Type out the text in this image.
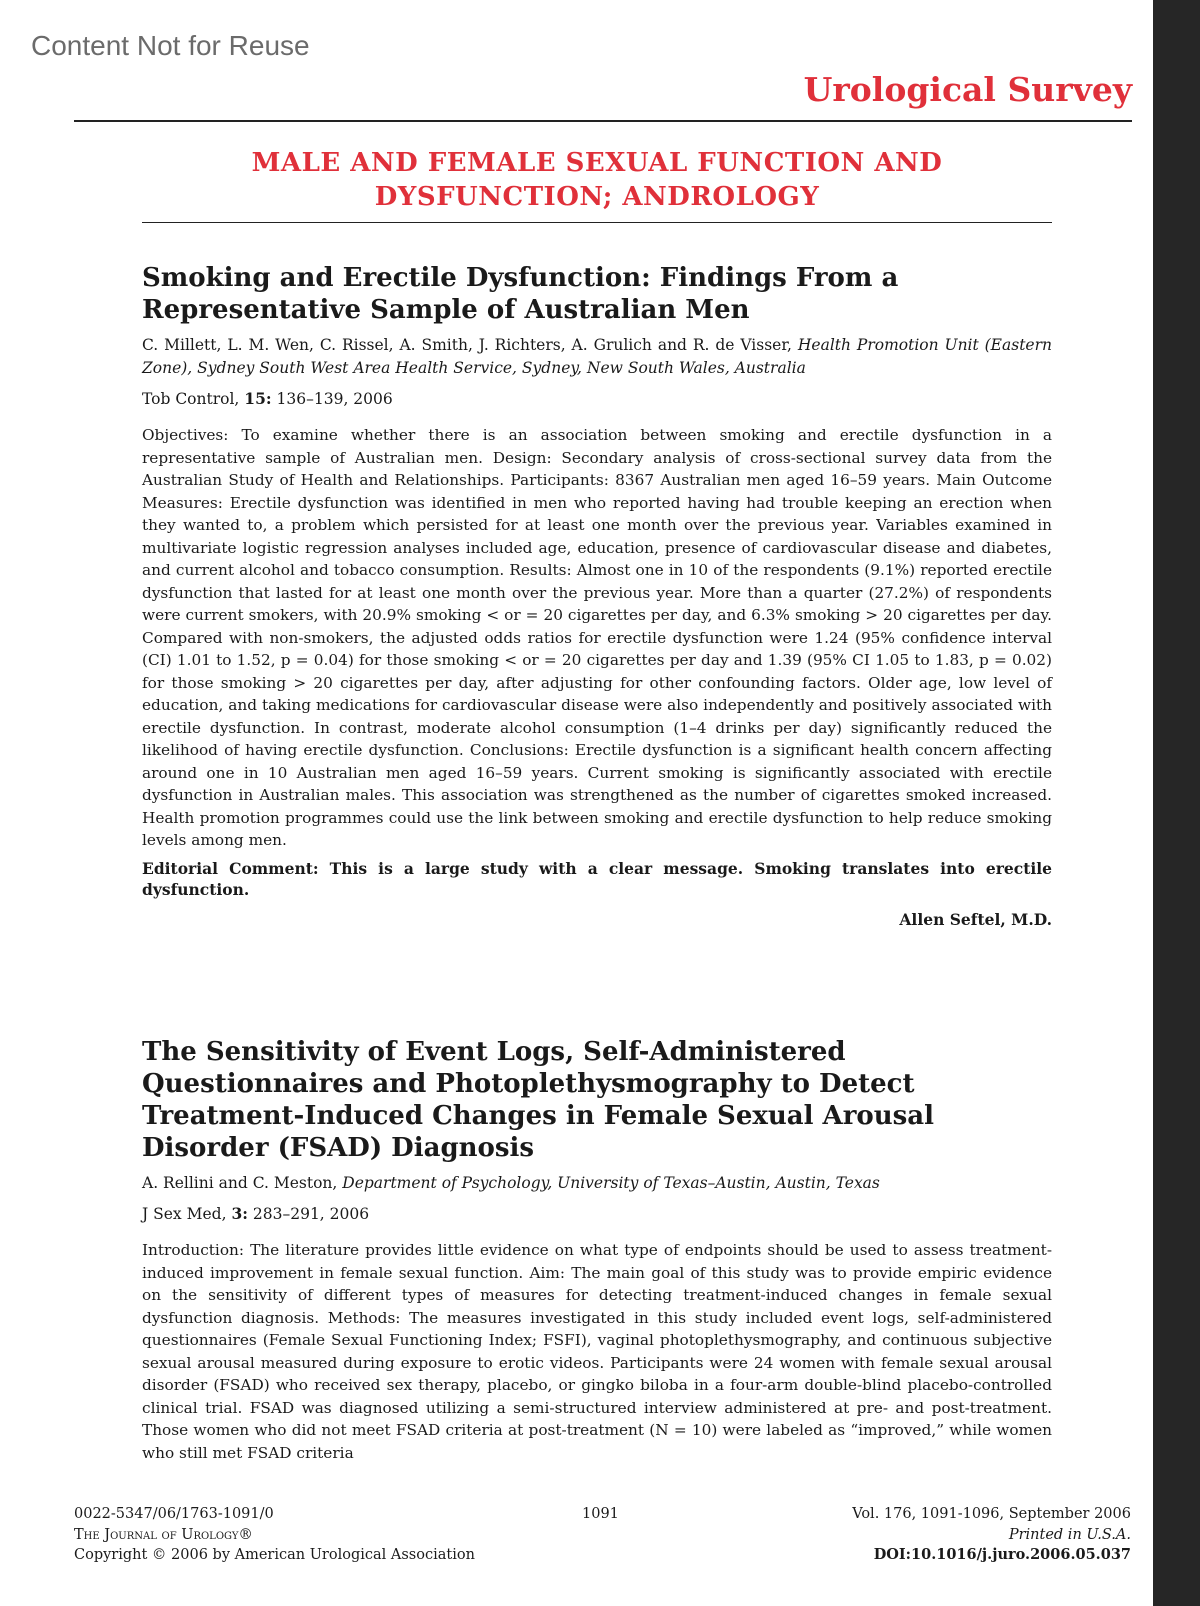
Content Not for Reuse
Urological Survey
MALE AND FEMALE SEXUAL FUNCTION AND DYSFUNCTION; ANDROLOGY
Smoking and Erectile Dysfunction: Findings From a Representative Sample of Australian Men
C. Millett, L. M. Wen, C. Rissel, A. Smith, J. Richters, A. Grulich and R. de Visser, Health Promotion Unit (Eastern Zone), Sydney South West Area Health Service, Sydney, New South Wales, Australia
Tob Control, 15: 136–139, 2006
Objectives: To examine whether there is an association between smoking and erectile dysfunction in a representative sample of Australian men. Design: Secondary analysis of cross-sectional survey data from the Australian Study of Health and Relationships. Participants: 8367 Australian men aged 16–59 years. Main Outcome Measures: Erectile dysfunction was identified in men who reported having had trouble keeping an erection when they wanted to, a problem which persisted for at least one month over the previous year. Variables examined in multivariate logistic regression analyses included age, education, presence of cardiovascular disease and diabetes, and current alcohol and tobacco consumption. Results: Almost one in 10 of the respondents (9.1%) reported erectile dysfunction that lasted for at least one month over the previous year. More than a quarter (27.2%) of respondents were current smokers, with 20.9% smoking < or = 20 cigarettes per day, and 6.3% smoking > 20 cigarettes per day. Compared with non-smokers, the adjusted odds ratios for erectile dysfunction were 1.24 (95% confidence interval (CI) 1.01 to 1.52, p = 0.04) for those smoking < or = 20 cigarettes per day and 1.39 (95% CI 1.05 to 1.83, p = 0.02) for those smoking > 20 cigarettes per day, after adjusting for other confounding factors. Older age, low level of education, and taking medications for cardiovascular disease were also independently and positively associated with erectile dysfunction. In contrast, moderate alcohol consumption (1–4 drinks per day) significantly reduced the likelihood of having erectile dysfunction. Conclusions: Erectile dysfunction is a significant health concern affecting around one in 10 Australian men aged 16–59 years. Current smoking is significantly associated with erectile dysfunction in Australian males. This association was strengthened as the number of cigarettes smoked increased. Health promotion programmes could use the link between smoking and erectile dysfunction to help reduce smoking levels among men.
Editorial Comment: This is a large study with a clear message. Smoking translates into erectile dysfunction.
Allen Seftel, M.D.
The Sensitivity of Event Logs, Self-Administered Questionnaires and Photoplethysmography to Detect Treatment-Induced Changes in Female Sexual Arousal Disorder (FSAD) Diagnosis
A. Rellini and C. Meston, Department of Psychology, University of Texas–Austin, Austin, Texas
J Sex Med, 3: 283–291, 2006
Introduction: The literature provides little evidence on what type of endpoints should be used to assess treatment-induced improvement in female sexual function. Aim: The main goal of this study was to provide empiric evidence on the sensitivity of different types of measures for detecting treatment-induced changes in female sexual dysfunction diagnosis. Methods: The measures investigated in this study included event logs, self-administered questionnaires (Female Sexual Functioning Index; FSFI), vaginal photoplethysmography, and continuous subjective sexual arousal measured during exposure to erotic videos. Participants were 24 women with female sexual arousal disorder (FSAD) who received sex therapy, placebo, or gingko biloba in a four-arm double-blind placebo-controlled clinical trial. FSAD was diagnosed utilizing a semi-structured interview administered at pre- and post-treatment. Those women who did not meet FSAD criteria at post-treatment (N = 10) were labeled as “improved,” while women who still met FSAD criteria
0022-5347/06/1763-1091/0
The Journal of Urology®
Copyright © 2006 by American Urological Association
1091	Vol. 176, 1091-1096, September 2006
Printed in U.S.A.
DOI:10.1016/j.juro.2006.05.037
